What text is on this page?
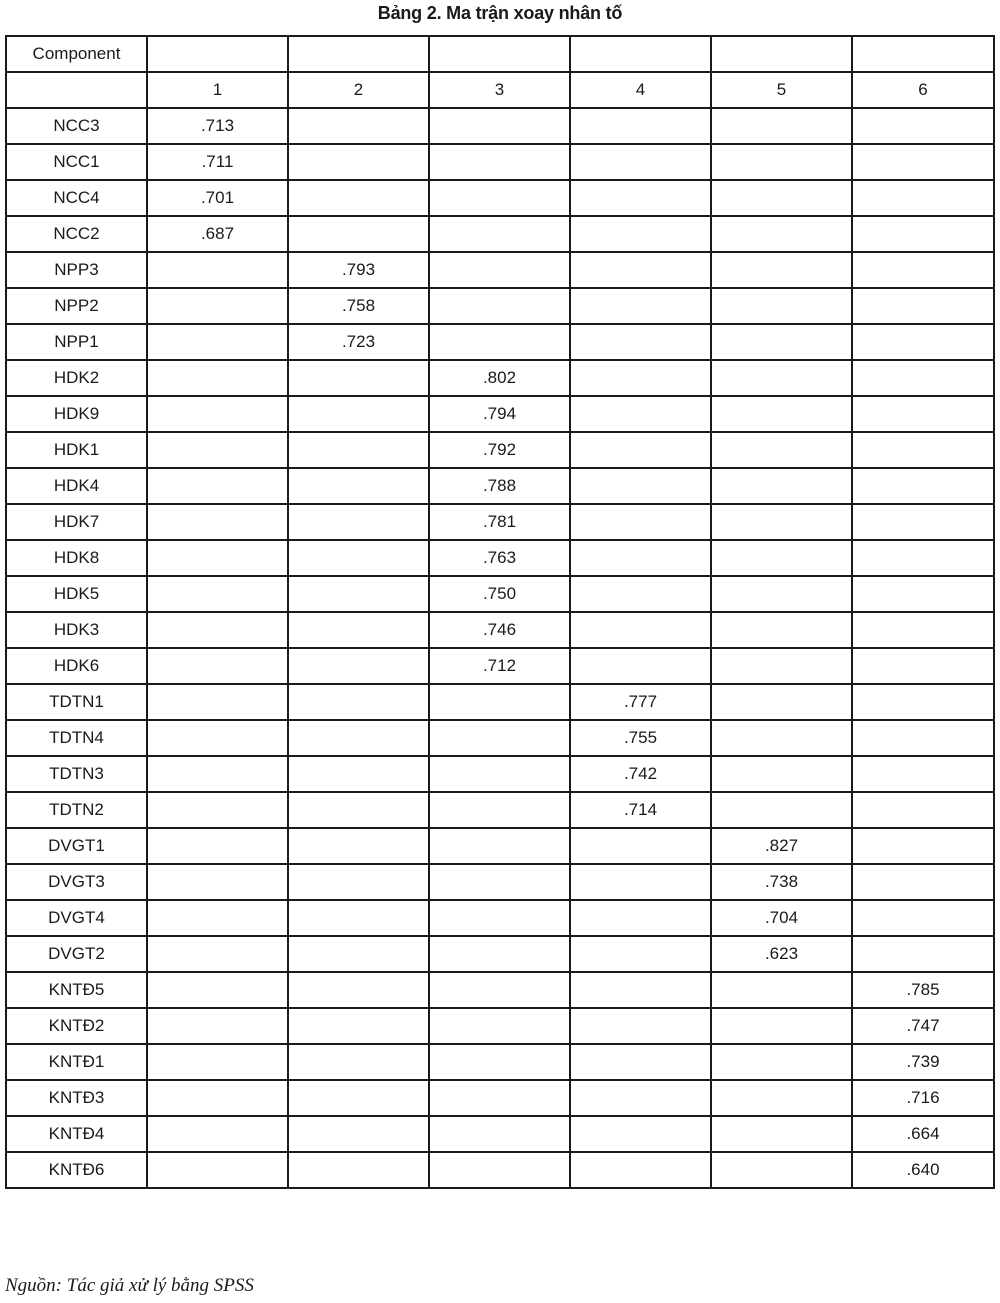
Bảng 2. Ma trận xoay nhân tố
Component						
	1	2	3	4	5	6
NCC3	.713					
NCC1	.711					
NCC4	.701					
NCC2	.687					
NPP3		.793				
NPP2		.758				
NPP1		.723				
HDK2			.802			
HDK9			.794			
HDK1			.792			
HDK4			.788			
HDK7			.781			
HDK8			.763			
HDK5			.750			
HDK3			.746			
HDK6			.712			
TDTN1				.777		
TDTN4				.755		
TDTN3				.742		
TDTN2				.714		
DVGT1					.827	
DVGT3					.738	
DVGT4					.704	
DVGT2					.623	
KNTĐ5						.785
KNTĐ2						.747
KNTĐ1						.739
KNTĐ3						.716
KNTĐ4						.664
KNTĐ6						.640
Nguồn: Tác giả xử lý bằng SPSS
